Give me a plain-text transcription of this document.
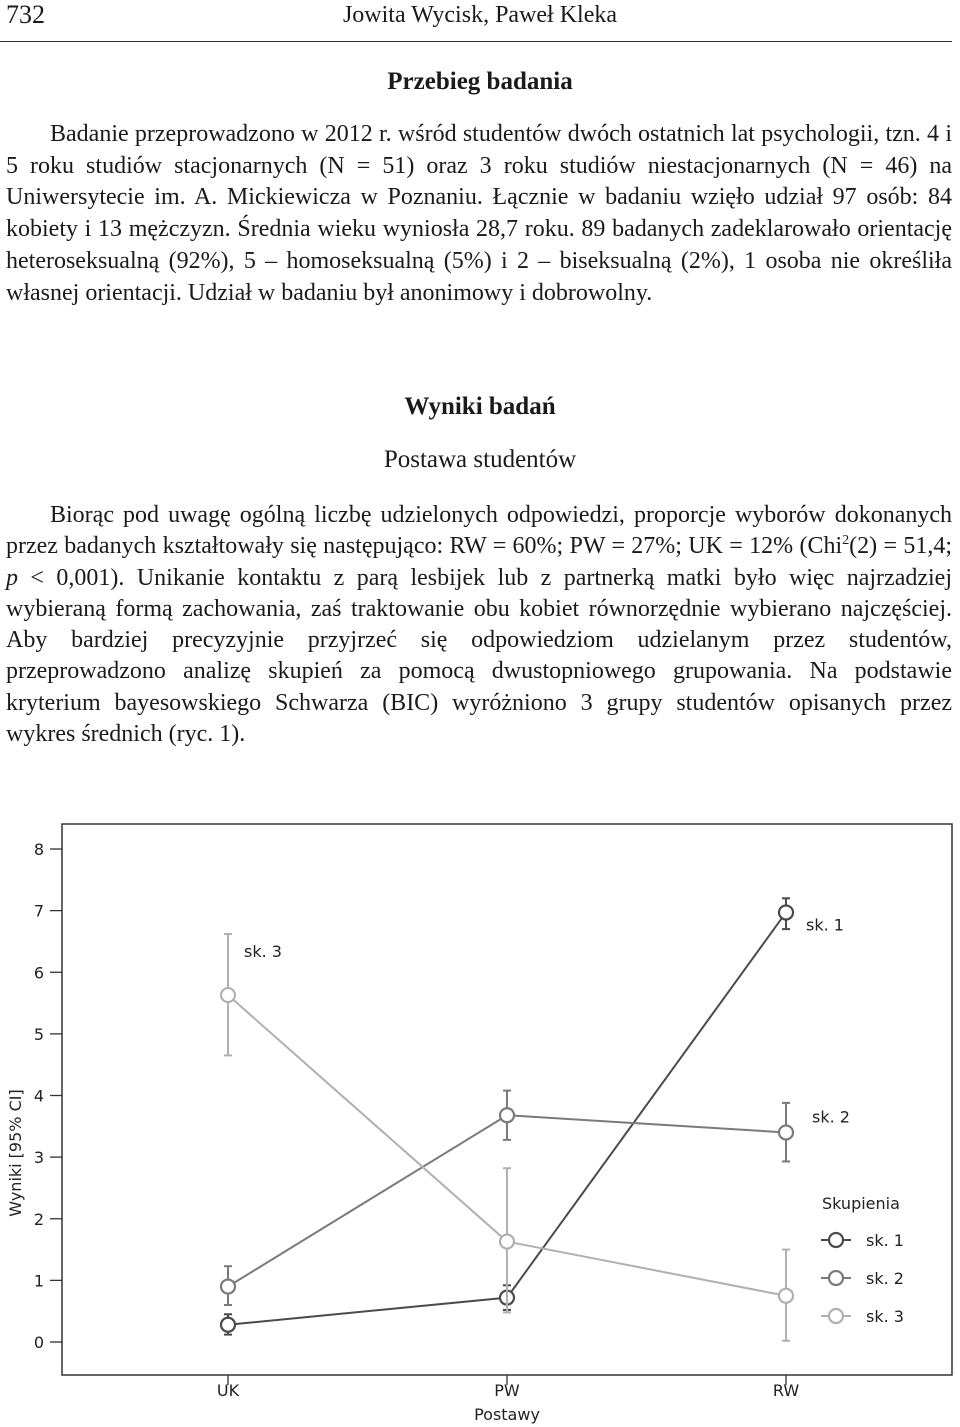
732	Jowita Wycisk, Paweł Kleka
Przebieg badania

Badanie przeprowadzono w 2012 r. wśród studentów dwóch ostatnich lat psychologii, tzn. 4 i 5 roku studiów stacjonarnych (N = 51) oraz 3 roku studiów niestacjonarnych (N = 46) na Uniwersytecie im. A. Mickiewicza w Poznaniu. Łącznie w badaniu wzięło udział 97 osób: 84 kobiety i 13 mężczyzn. Średnia wieku wyniosła 28,7 roku. 89 badanych zadeklarowało orientację heteroseksualną (92%), 5 – homoseksualną (5%) i 2 – biseksualną (2%), 1 osoba nie określiła własnej orientacji. Udział w badaniu był anonimowy i dobrowolny.

Wyniki badań
Postawa studentów

Biorąc pod uwagę ogólną liczbę udzielonych odpowiedzi, proporcje wyborów dokonanych przez badanych kształtowały się następująco: RW = 60%; PW = 27%; UK = 12% (Chi$^2$(2) = 51,4; p < 0,001). Unikanie kontaktu z parą lesbijek lub z partnerką matki było więc najrzadziej wybieraną formą zachowania, zaś traktowanie obu kobiet równorzędnie wybierano najczęściej. Aby bardziej precyzyjnie przyjrzeć się odpowiedziom udzielanym przez studentów, przeprowadzono analizę skupień za pomocą dwustopniowego grupowania. Na podstawie kryterium bayesowskiego Schwarza (BIC) wyróżniono 3 grupy studentów opisanych przez wykres średnich (ryc. 1).

0
1
2
3
4
5
6
7
8
UK	PW	RW
Postawy
Wyniki [95% CI]
sk. 1
sk. 2
sk. 3
Skupienia
sk. 1
sk. 2
sk. 3
